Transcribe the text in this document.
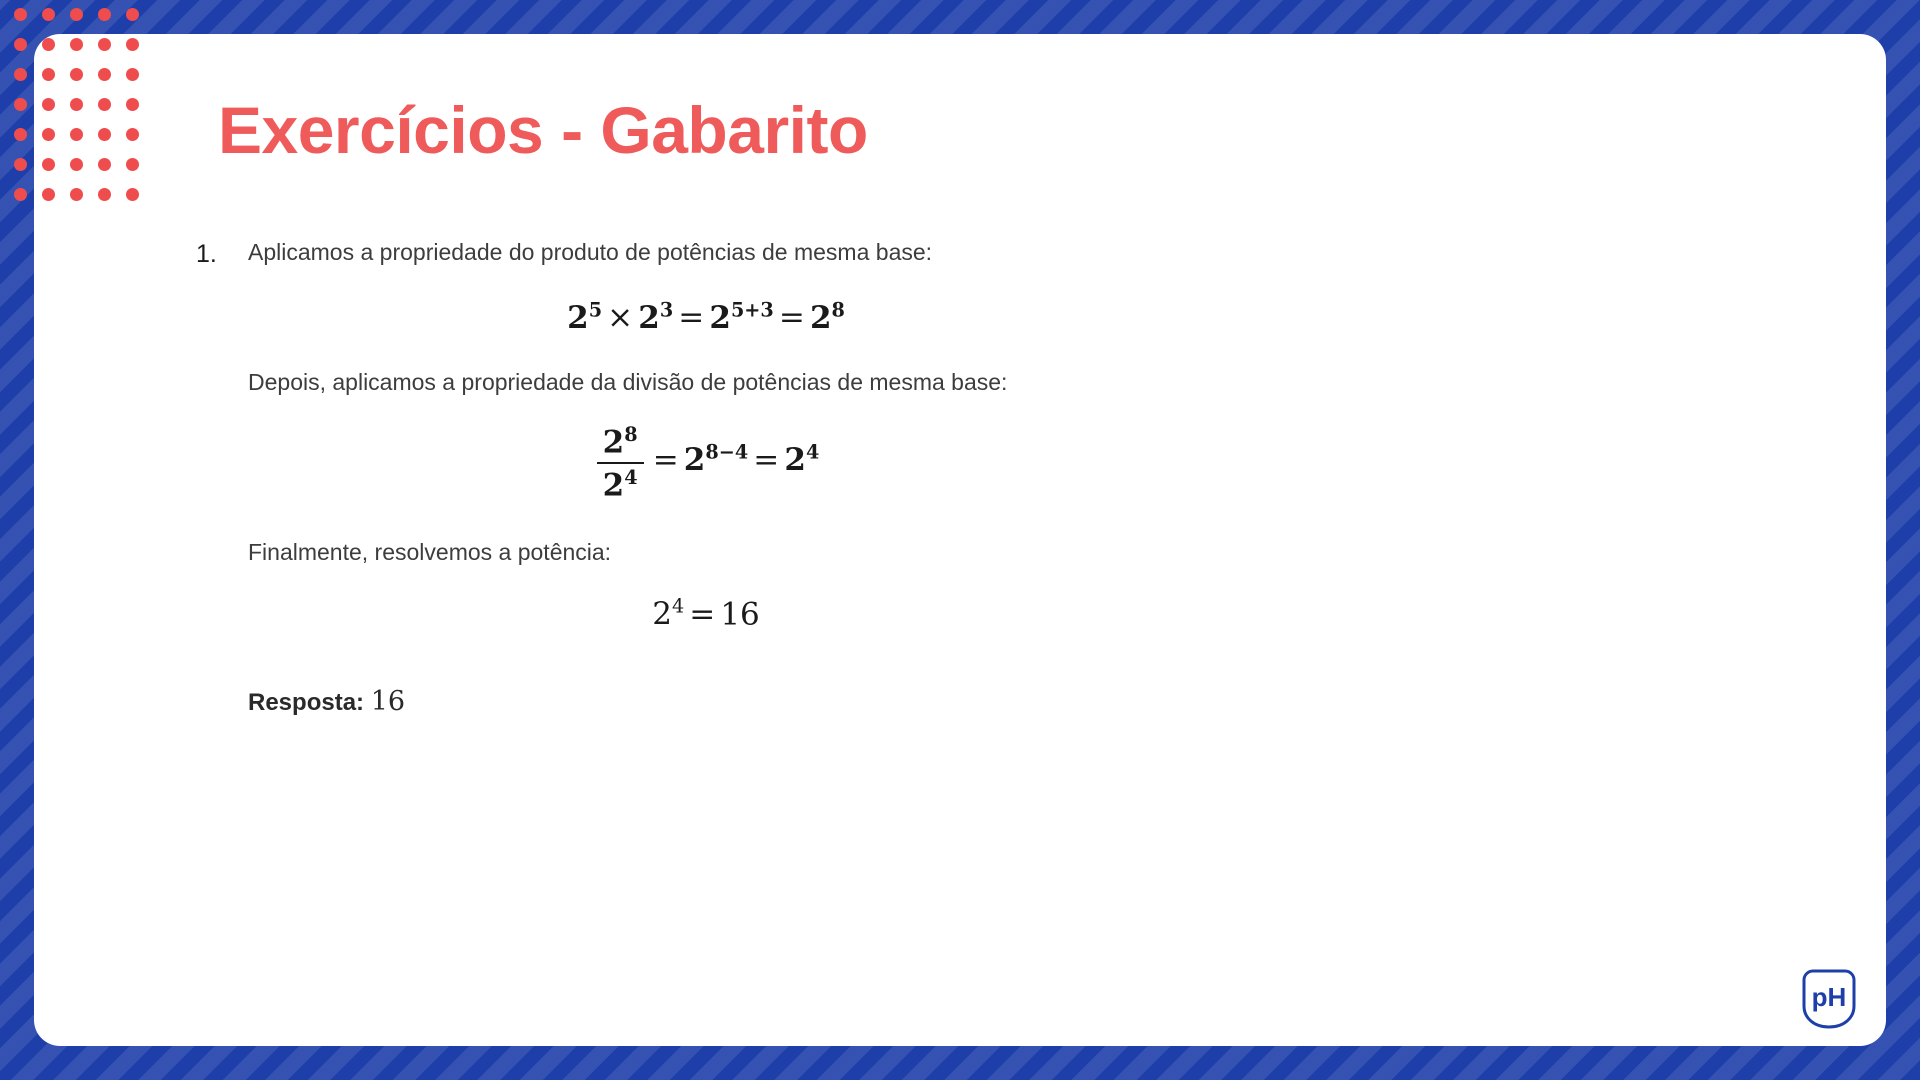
Exercícios - Gabarito
1.	Aplicamos a propriedade do produto de potências de mesma base:
$2^5 \times 2^3 = 2^{5+3} = 2^8$
Depois, aplicamos a propriedade da divisão de potências de mesma base:
$\frac{2^8}{2^4} = 2^{8-4} = 2^4$
Finalmente, resolvemos a potência:
$2^4 = 16$
Resposta: 16
pH
